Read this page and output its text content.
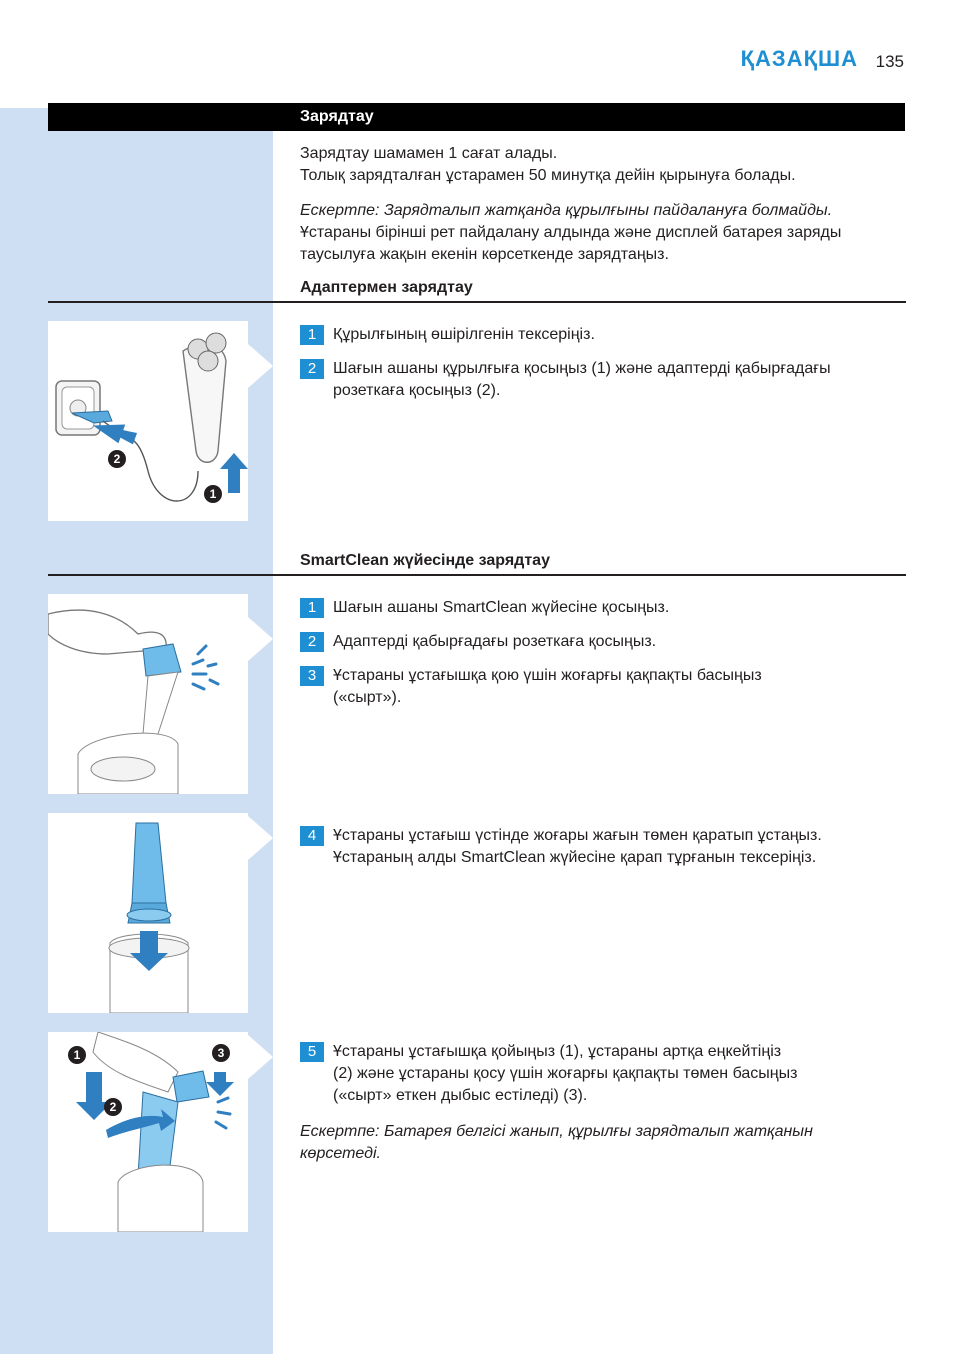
ҚАЗАҚША 135
Зарядтау
Зарядтау шамамен 1 сағат алады.
Толық зарядталған ұстарамен 50 минутқа дейін қырынуға болады.
Ескертпе: Зарядталып жатқанда құрылғыны пайдалануға болмайды.
Ұстараны бірінші рет пайдалану алдында және дисплей батарея заряды
таусылуға жақын екенін көрсеткенде зарядтаңыз.
Адаптермен зарядтау
2
1
1	Құрылғының өшірілгенін тексеріңіз.
2	Шағын ашаны құрылғыға қосыңыз (1) және адаптерді қабырғадағы
розеткаға қосыңыз (2).
SmartClean жүйесінде зарядтау
1	Шағын ашаны SmartClean жүйесіне қосыңыз.
2	Адаптерді қабырғадағы розеткаға қосыңыз.
3	Ұстараны ұстағышқа қою үшін жоғарғы қақпақты басыңыз
(«сырт»).
4	Ұстараны ұстағыш үстінде жоғары жағын төмен қаратып ұстаңыз.
Ұстараның алды SmartClean жүйесіне қарап тұрғанын тексеріңіз.
1
2
3	5	Ұстараны ұстағышқа қойыңыз (1), ұстараны артқа еңкейтіңіз
(2) және ұстараны қосу үшін жоғарғы қақпақты төмен басыңыз
(«сырт» еткен дыбыс естіледі) (3).
Ескертпе: Батарея белгісі жанып, құрылғы зарядталып жатқанын
көрсетеді.
